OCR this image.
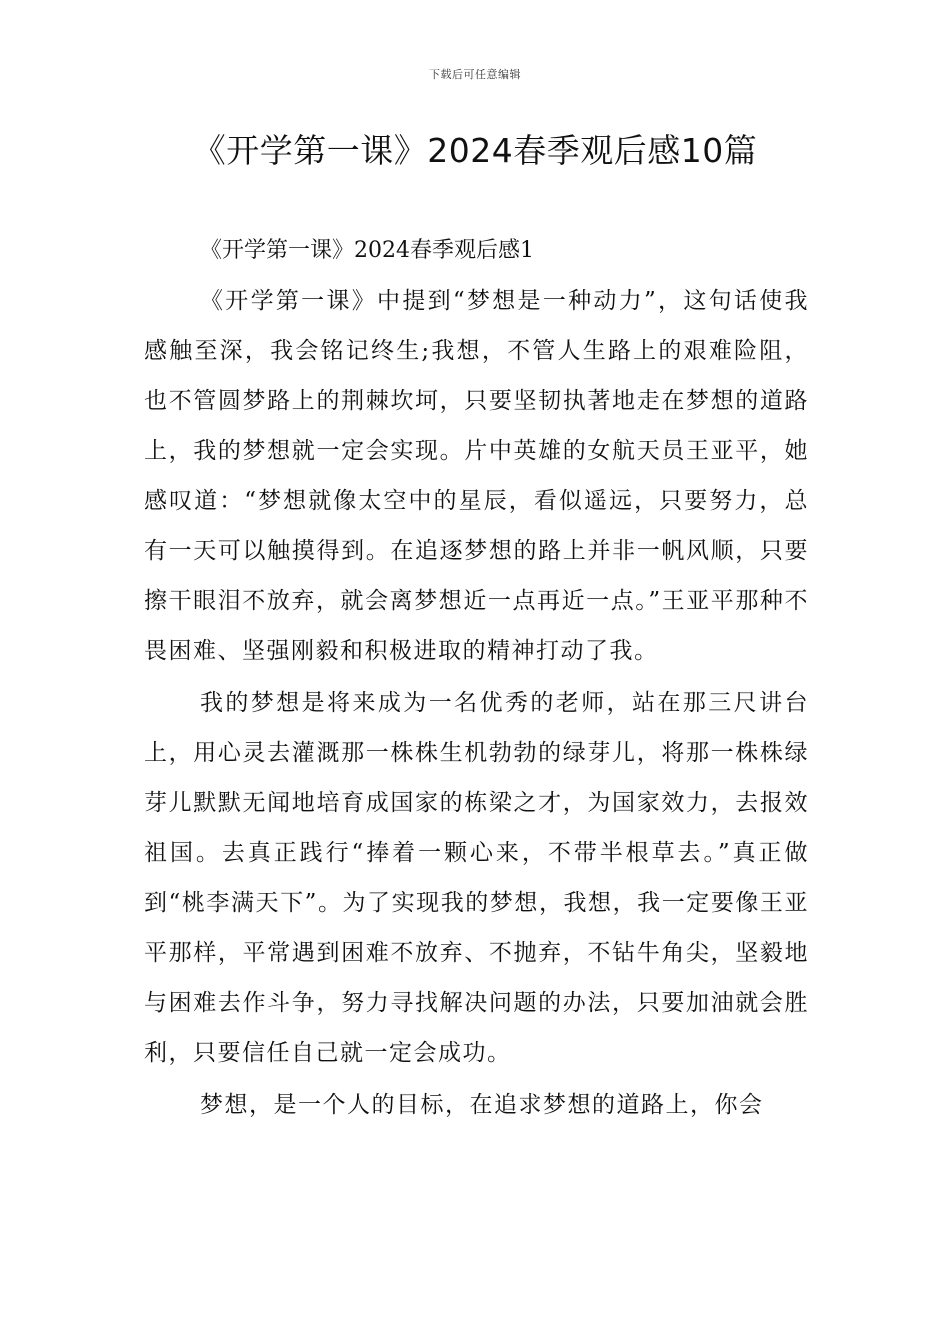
下载后可任意编辑
《开学第一课》2024春季观后感10篇

《开学第一课》2024春季观后感1

《开学第一课》中提到“梦想是一种动力”，这句话使我感触至深，我会铭记终生;我想，不管人生路上的艰难险阻，也不管圆梦路上的荆棘坎坷，只要坚韧执著地走在梦想的道路上，我的梦想就一定会实现。片中英雄的女航天员王亚平，她感叹道：“梦想就像太空中的星辰，看似遥远，只要努力，总有一天可以触摸得到。在追逐梦想的路上并非一帆风顺，只要擦干眼泪不放弃，就会离梦想近一点再近一点。”王亚平那种不畏困难、坚强刚毅和积极进取的精神打动了我。

我的梦想是将来成为一名优秀的老师，站在那三尺讲台上，用心灵去灌溉那一株株生机勃勃的绿芽儿，将那一株株绿芽儿默默无闻地培育成国家的栋梁之才，为国家效力，去报效祖国。去真正践行“捧着一颗心来，不带半根草去。”真正做到“桃李满天下”。为了实现我的梦想，我想，我一定要像王亚平那样，平常遇到困难不放弃、不抛弃，不钻牛角尖，坚毅地与困难去作斗争，努力寻找解决问题的办法，只要加油就会胜利，只要信任自己就一定会成功。

梦想，是一个人的目标，在追求梦想的道路上，你会
